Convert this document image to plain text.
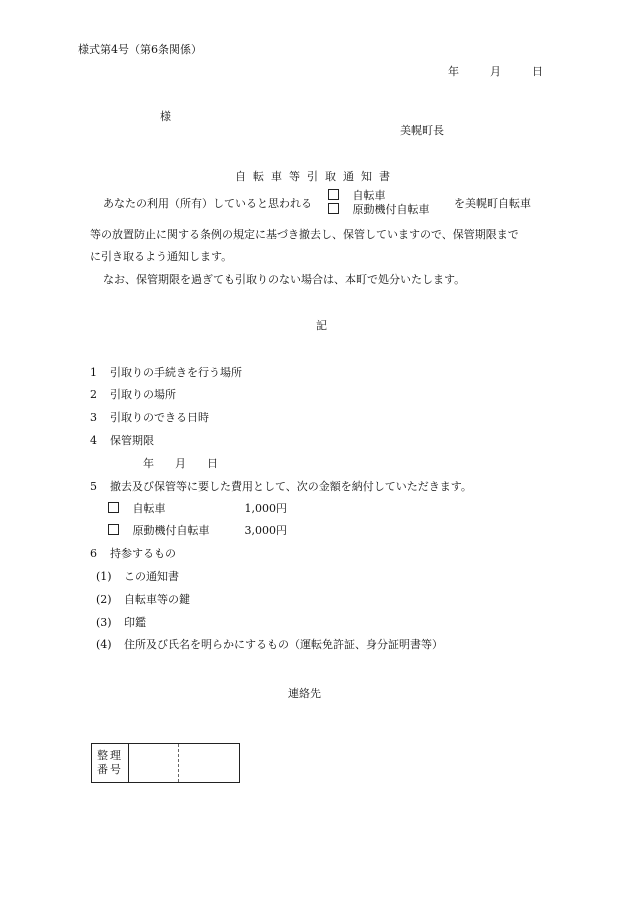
様式第4号（第6条関係）
年	月	日
様
美幌町長
自転車等引取通知書
あなたの利用（所有）していると思われる
自転車
原動機付自転車 を美幌町自転車
等の放置防止に関する条例の規定に基づき撤去し、保管していますので、保管期限まで
に引き取るよう通知します。
なお、保管期限を過ぎても引取りのない場合は、本町で処分いたします。
記
1 引取りの手続きを行う場所
2 引取りの場所
3 引取りのできる日時
4 保管期限
年 月 日
5 撤去及び保管等に要した費用として、次の金額を納付していただきます。
自転車	1,000円
原動機付自転車	3,000円
6 持参するもの
(1) この通知書
(2) 自転車等の鍵
(3) 印鑑
(4) 住所及び氏名を明らかにするもの（運転免許証、身分証明書等）
連絡先
整理
番号
